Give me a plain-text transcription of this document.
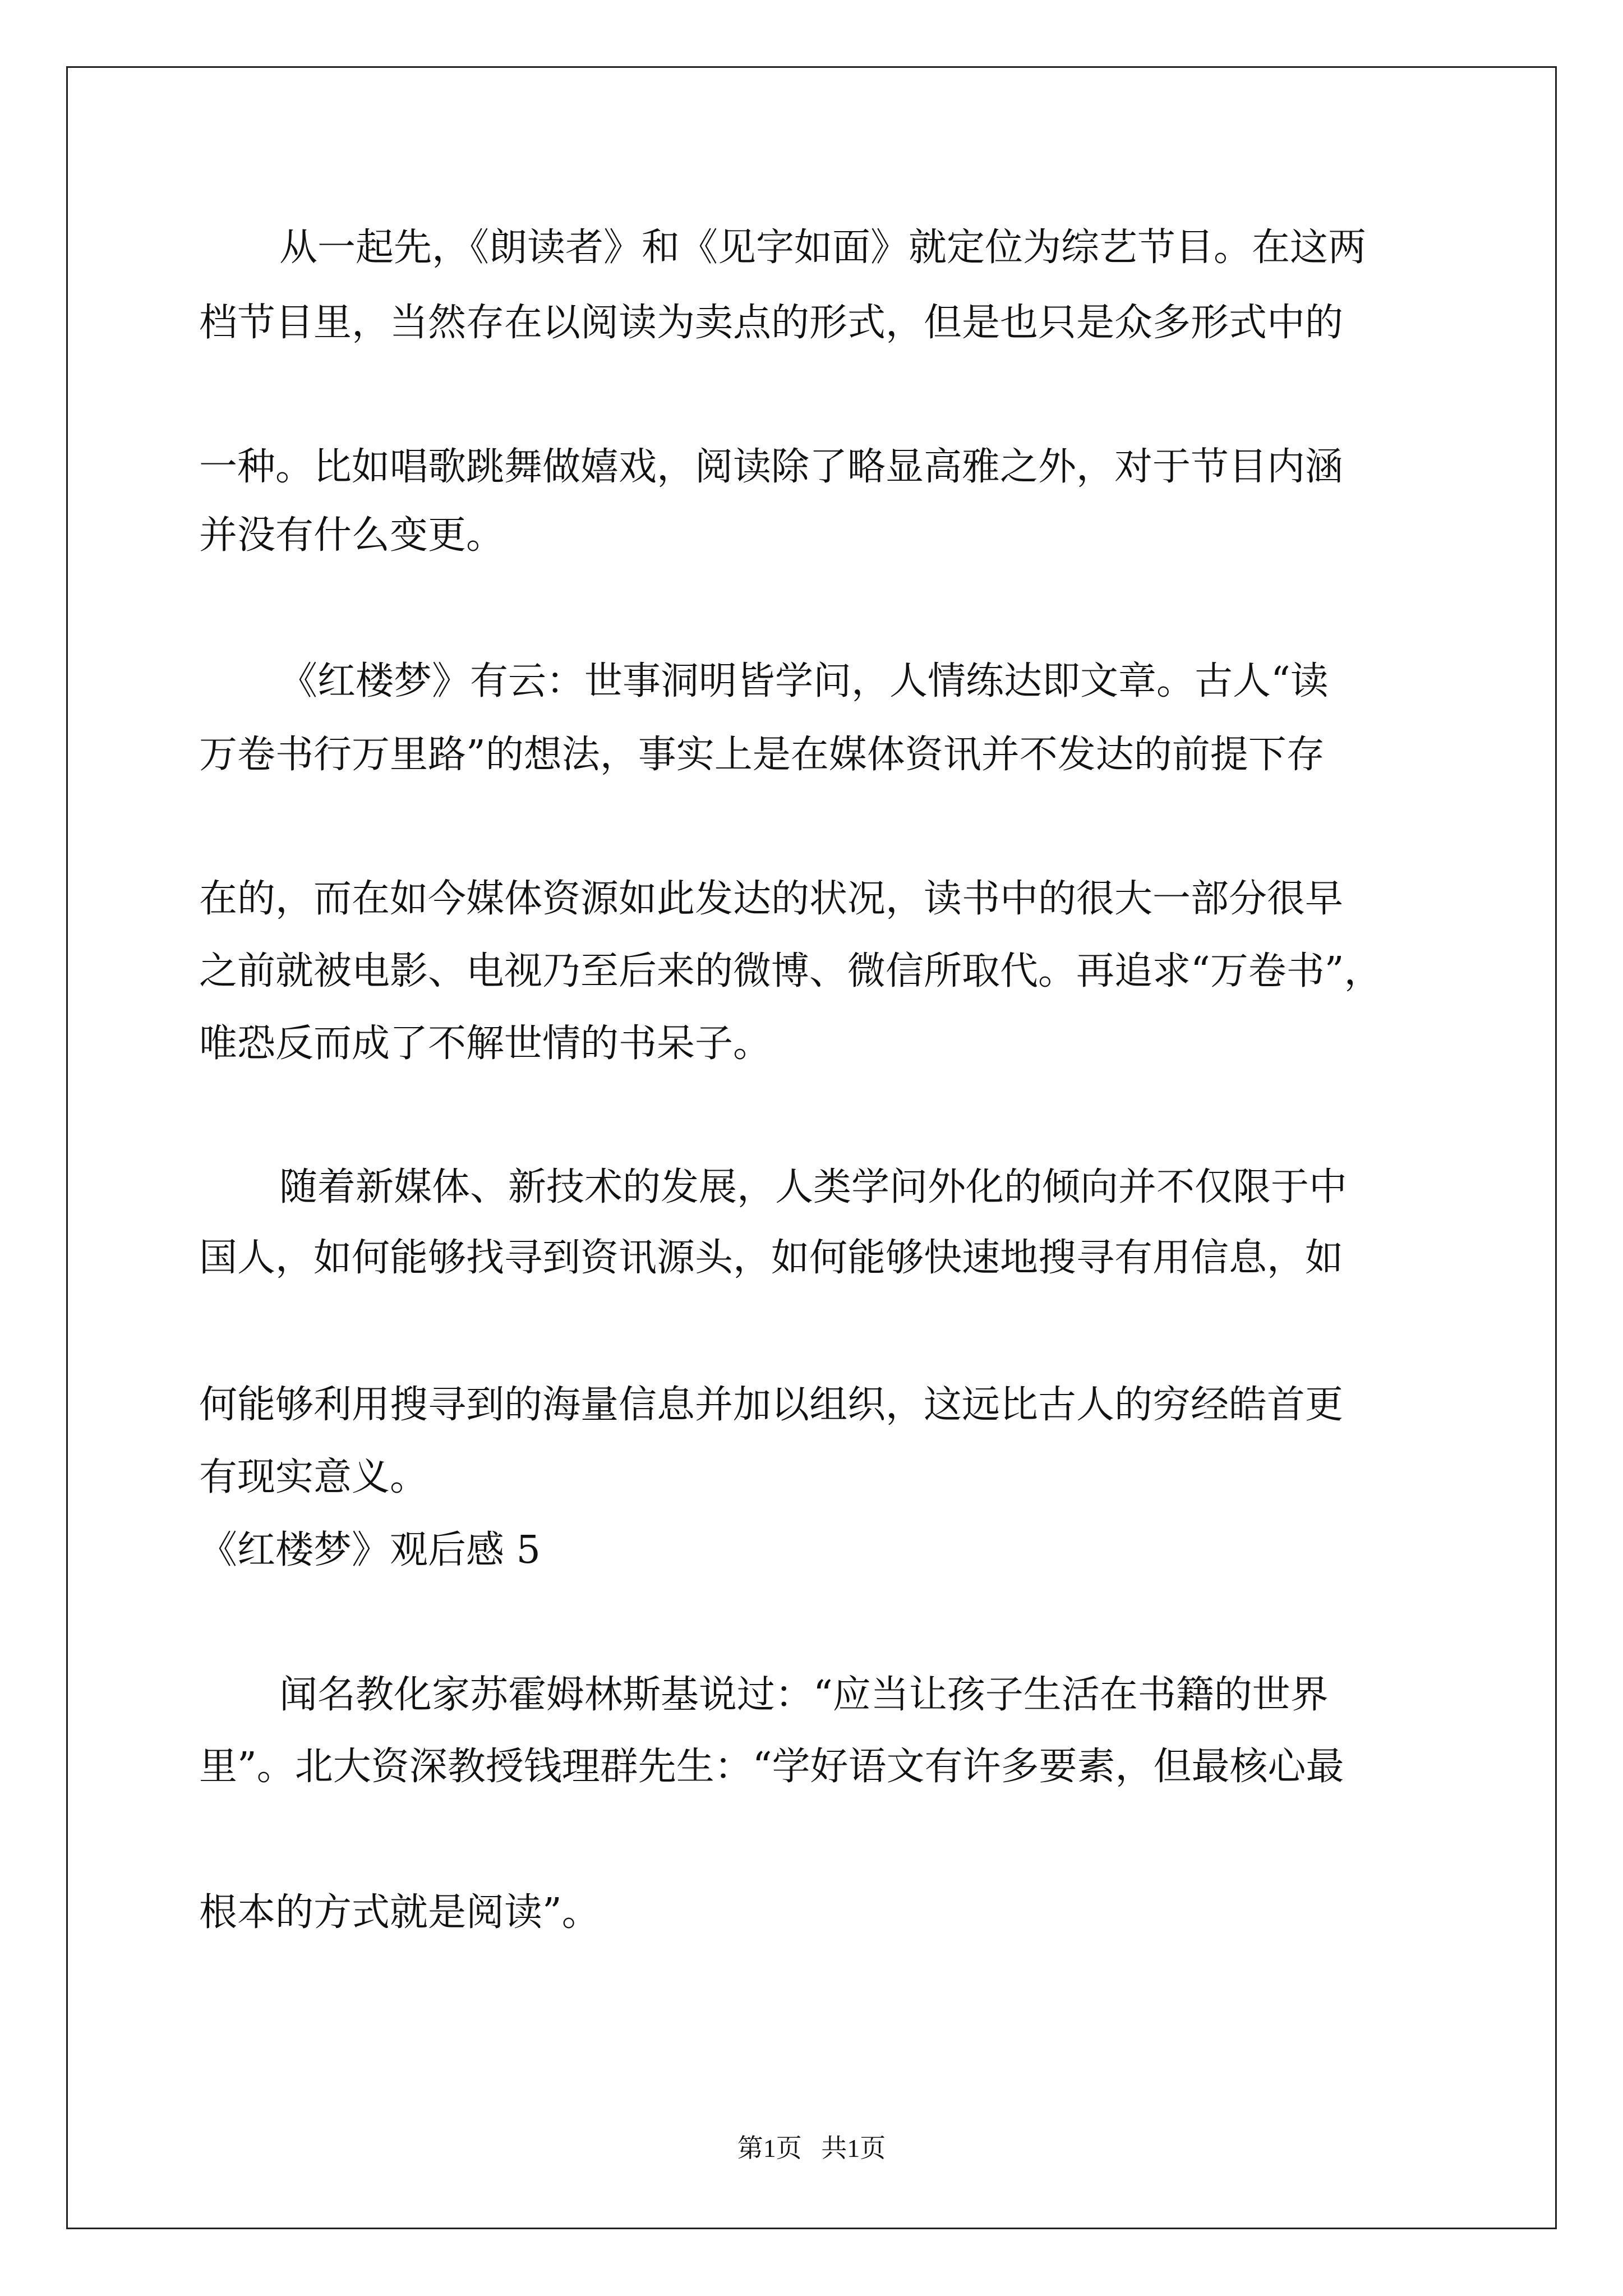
从一起先，《朗读者》和《见字如面》就定位为综艺节目。在这两

档节目里，当然存在以阅读为卖点的形式，但是也只是众多形式中的

一种。比如唱歌跳舞做嬉戏，阅读除了略显高雅之外，对于节目内涵

并没有什么变更。

《红楼梦》有云：世事洞明皆学问，人情练达即文章。古人“读

万卷书行万里路”的想法，事实上是在媒体资讯并不发达的前提下存

在的，而在如今媒体资源如此发达的状况，读书中的很大一部分很早

之前就被电影、电视乃至后来的微博、微信所取代。再追求“万卷书”，

唯恐反而成了不解世情的书呆子。

随着新媒体、新技术的发展，人类学问外化的倾向并不仅限于中

国人，如何能够找寻到资讯源头，如何能够快速地搜寻有用信息，如

何能够利用搜寻到的海量信息并加以组织，这远比古人的穷经皓首更

有现实意义。

《红楼梦》观后感 5

闻名教化家苏霍姆林斯基说过：“应当让孩子生活在书籍的世界

里”。北大资深教授钱理群先生：“学好语文有许多要素，但最核心最

根本的方式就是阅读”。

第1页   共1页
